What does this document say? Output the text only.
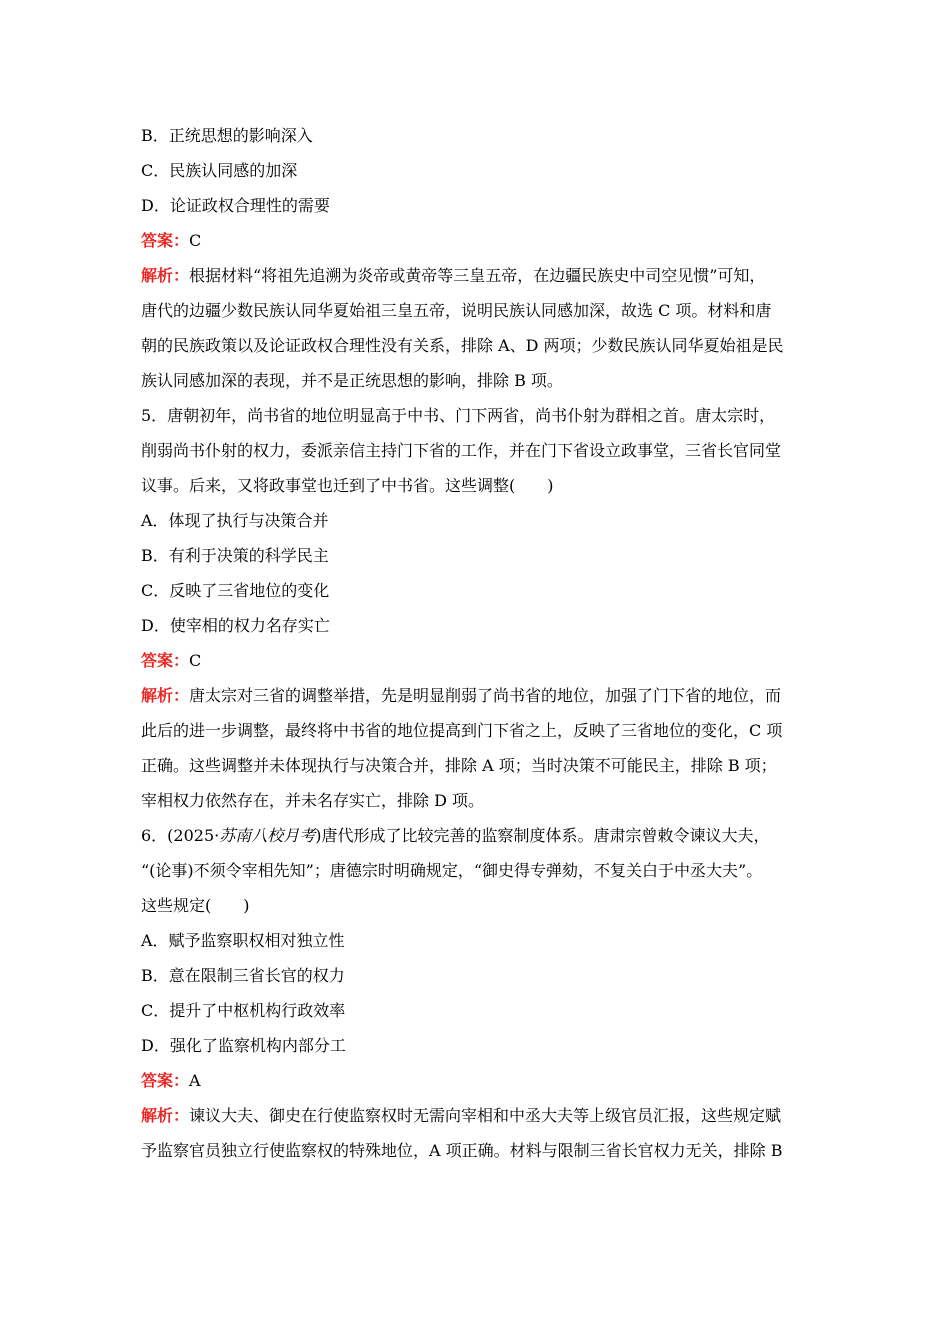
B．正统思想的影响深入
C．民族认同感的加深
D．论证政权合理性的需要
答案：C
解析：根据材料“将祖先追溯为炎帝或黄帝等三皇五帝，在边疆民族史中司空见惯”可知，
唐代的边疆少数民族认同华夏始祖三皇五帝，说明民族认同感加深，故选 C 项。材料和唐
朝的民族政策以及论证政权合理性没有关系，排除 A、D 两项；少数民族认同华夏始祖是民
族认同感加深的表现，并不是正统思想的影响，排除 B 项。
5．唐朝初年，尚书省的地位明显高于中书、门下两省，尚书仆射为群相之首。唐太宗时，
削弱尚书仆射的权力，委派亲信主持门下省的工作，并在门下省设立政事堂，三省长官同堂
议事。后来，又将政事堂也迁到了中书省。这些调整(　　)
A．体现了执行与决策合并
B．有利于决策的科学民主
C．反映了三省地位的变化
D．使宰相的权力名存实亡
答案：C
解析：唐太宗对三省的调整举措，先是明显削弱了尚书省的地位，加强了门下省的地位，而
此后的进一步调整，最终将中书省的地位提高到门下省之上，反映了三省地位的变化，C 项
正确。这些调整并未体现执行与决策合并，排除 A 项；当时决策不可能民主，排除 B 项；
宰相权力依然存在，并未名存实亡，排除 D 项。
6．(2025·苏南八校月考)唐代形成了比较完善的监察制度体系。唐肃宗曾敕令谏议大夫，
“(论事)不须令宰相先知”；唐德宗时明确规定，“御史得专弹劾，不复关白于中丞大夫”。
这些规定(　　)
A．赋予监察职权相对独立性
B．意在限制三省长官的权力
C．提升了中枢机构行政效率
D．强化了监察机构内部分工
答案：A
解析：谏议大夫、御史在行使监察权时无需向宰相和中丞大夫等上级官员汇报，这些规定赋
予监察官员独立行使监察权的特殊地位，A 项正确。材料与限制三省长官权力无关，排除 B
